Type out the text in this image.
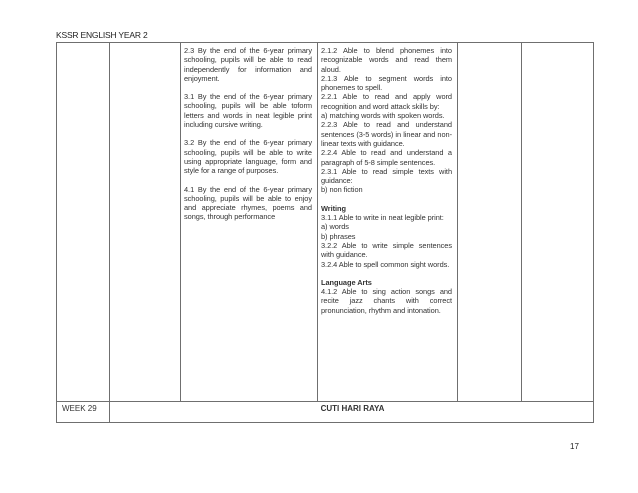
KSSR ENGLISH YEAR 2

2.3 By the end of the 6-year primary schooling, pupils will be able to read independently for information and enjoyment.

3.1 By the end of the 6-year primary schooling, pupils will be able toform letters and words in neat legible print including cursive writing.

3.2 By the end of the 6-year primary schooling, pupils will be able to write using appropriate language, form and style for a range of purposes.

4.1 By the end of the 6-year primary schooling, pupils will be able to enjoy and appreciate rhymes, poems and songs, through performance

2.1.2 Able to blend phonemes into recognizable words and read them aloud.

2.1.3 Able to segment words into phonemes to spell.

2.2.1 Able to read and apply word recognition and word attack skills by:

a) matching words with spoken words.

2.2.3 Able to read and understand sentences (3-5 words) in linear and non-linear texts with guidance.

2.2.4 Able to read and understand a paragraph of 5-8 simple sentences.

2.3.1 Able to read simple texts with guidance:

b) non fiction

Writing

3.1.1 Able to write in neat legible print:

a) words

b) phrases

3.2.2 Able to write simple sentences with guidance.

3.2.4 Able to spell common sight words.

Language Arts

4.1.2 Able to sing action songs and recite jazz chants with correct pronunciation, rhythm and intonation.

WEEK 29	CUTI HARI RAYA
17
